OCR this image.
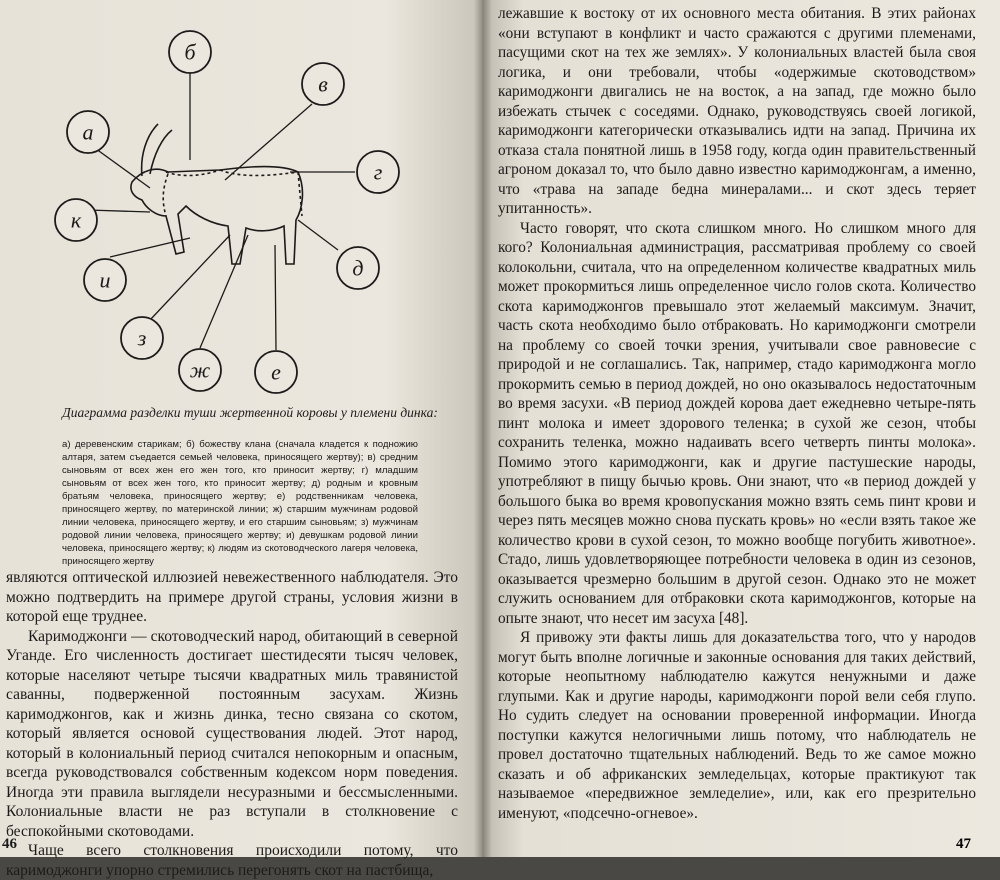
б
в
г
д
е
ж
з
и
к
а
Диаграмма разделки туши жертвенной коровы у племени динка:
а) деревенским старикам; б) божеству клана (сначала кладется к подножию алтаря, затем съедается семьей человека, приносящего жертву); в) средним сыновьям от всех жен его жен того, кто приносит жертву; г) младшим сыновьям от всех жен того, кто приносит жертву; д) родным и кровным братьям человека, приносящего жертву; е) родственникам человека, приносящего жертву, по материнской линии; ж) старшим мужчинам родовой линии человека, приносящего жертву, и его старшим сыновьям; з) мужчинам родовой линии человека, приносящего жертву; и) девушкам родовой линии человека, приносящего жертву; к) людям из скотоводческого лагеря человека, приносящего жертву

являются оптической иллюзией невежественного наблюдателя. Это можно подтвердить на примере другой страны, условия жизни в которой еще труднее.

Каримоджонги — скотоводческий народ, обитающий в северной Уганде. Его численность достигает шестидесяти тысяч человек, которые населяют четыре тысячи квадратных миль травянистой саванны, подверженной постоянным засухам. Жизнь каримоджонгов, как и жизнь динка, тесно связана со скотом, который является основой существования людей. Этот народ, который в колониальный период считался непокорным и опасным, всегда руководствовался собственным кодексом норм поведения. Иногда эти правила выглядели несуразными и бессмысленными. Колониальные власти не раз вступали в столкновение с беспокойными скотоводами.

Чаще всего столкновения происходили потому, что каримоджонги упорно стремились перегонять скот на пастбища,

46

лежавшие к востоку от их основного места обитания. В этих районах «они вступают в конфликт и часто сражаются с другими племенами, пасущими скот на тех же землях». У колониальных властей была своя логика, и они требовали, чтобы «одержимые скотоводством» каримоджонги двигались не на восток, а на запад, где можно было избежать стычек с соседями. Однако, руководствуясь своей логикой, каримоджонги категорически отказывались идти на запад. Причина их отказа стала понятной лишь в 1958 году, когда один правительственный агроном доказал то, что было давно известно каримоджонгам, а именно, что «трава на западе бедна минералами... и скот здесь теряет упитанность».

Часто говорят, что скота слишком много. Но слишком много для кого? Колониальная администрация, рассматривая проблему со своей колокольни, считала, что на определенном количестве квадратных миль может прокормиться лишь определенное число голов скота. Количество скота каримоджонгов превышало этот желаемый максимум. Значит, часть скота необходимо было отбраковать. Но каримоджонги смотрели на проблему со своей точки зрения, учитывали свое равновесие с природой и не соглашались. Так, например, стадо каримоджонга могло прокормить семью в период дождей, но оно оказывалось недостаточным во время засухи. «В период дождей корова дает ежедневно четыре-пять пинт молока и имеет здорового теленка; в сухой же сезон, чтобы сохранить теленка, можно надаивать всего четверть пинты молока». Помимо этого каримоджонги, как и другие пастушеские народы, употребляют в пищу бычью кровь. Они знают, что «в период дождей у большого быка во время кровопускания можно взять семь пинт крови и через пять месяцев можно снова пускать кровь» но «если взять такое же количество крови в сухой сезон, то можно вообще погубить животное». Стадо, лишь удовлетворяющее потребности человека в один из сезонов, оказывается чрезмерно большим в другой сезон. Однако это не может служить основанием для отбраковки скота каримоджонгов, которые на опыте знают, что несет им засуха [48].

Я привожу эти факты лишь для доказательства того, что у народов могут быть вполне логичные и законные основания для таких действий, которые неопытному наблюдателю кажутся ненужными и даже глупыми. Как и другие народы, каримоджонги порой вели себя глупо. Но судить следует на основании проверенной информации. Иногда поступки кажутся нелогичными лишь потому, что наблюдатель не провел достаточно тщательных наблюдений. Ведь то же самое можно сказать и об африканских земледельцах, которые практикуют так называемое «передвижное земледелие», или, как его презрительно именуют, «подсечно-огневое».

47
